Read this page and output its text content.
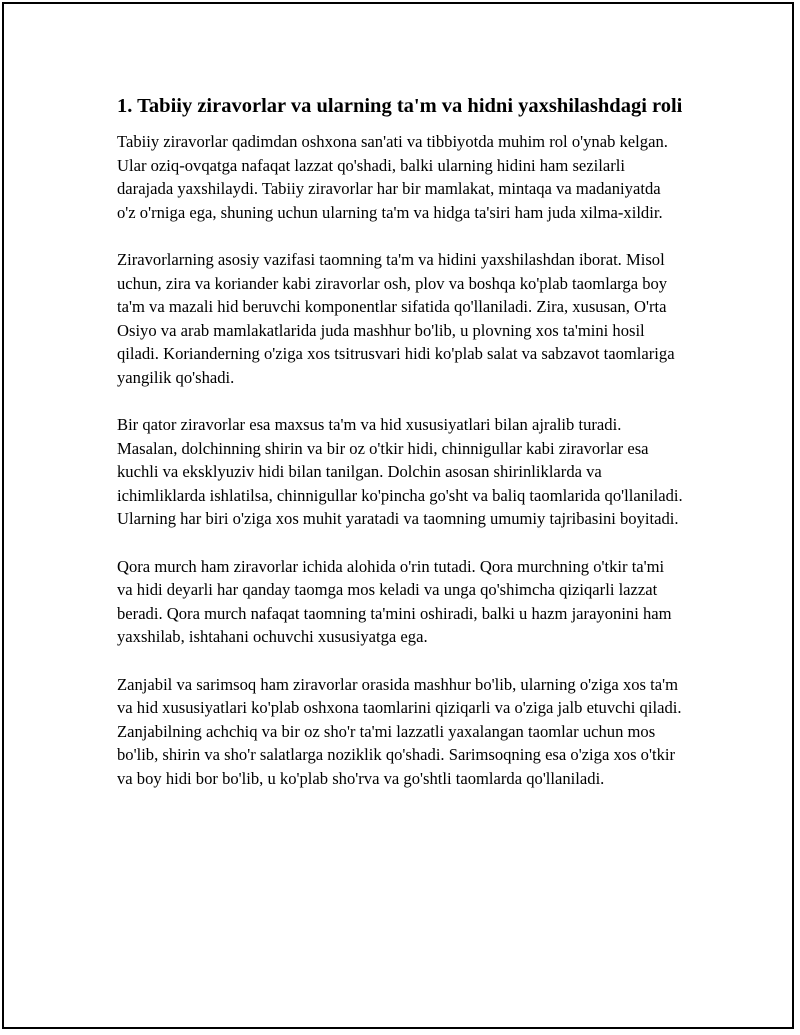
1. Tabiiy ziravorlar va ularning ta'm va hidni yaxshilashdagi roli

Tabiiy ziravorlar qadimdan oshxona san'ati va tibbiyotda muhim rol o'ynab kelgan. Ular oziq-ovqatga nafaqat lazzat qo'shadi, balki ularning hidini ham sezilarli darajada yaxshilaydi. Tabiiy ziravorlar har bir mamlakat, mintaqa va madaniyatda o'z o'rniga ega, shuning uchun ularning ta'm va hidga ta'siri ham juda xilma-xildir.

Ziravorlarning asosiy vazifasi taomning ta'm va hidini yaxshilashdan iborat. Misol uchun, zira va koriander kabi ziravorlar osh, plov va boshqa ko'plab taomlarga boy ta'm va mazali hid beruvchi komponentlar sifatida qo'llaniladi. Zira, xususan, O'rta Osiyo va arab mamlakatlarida juda mashhur bo'lib, u plovning xos ta'mini hosil qiladi. Korianderning o'ziga xos tsitrusvari hidi ko'plab salat va sabzavot taomlariga yangilik qo'shadi.

Bir qator ziravorlar esa maxsus ta'm va hid xususiyatlari bilan ajralib turadi. Masalan, dolchinning shirin va bir oz o'tkir hidi, chinnigullar kabi ziravorlar esa kuchli va eksklyuziv hidi bilan tanilgan. Dolchin asosan shirinliklarda va ichimliklarda ishlatilsa, chinnigullar ko'pincha go'sht va baliq taomlarida qo'llaniladi. Ularning har biri o'ziga xos muhit yaratadi va taomning umumiy tajribasini boyitadi.

Qora murch ham ziravorlar ichida alohida o'rin tutadi. Qora murchning o'tkir ta'mi va hidi deyarli har qanday taomga mos keladi va unga qo'shimcha qiziqarli lazzat beradi. Qora murch nafaqat taomning ta'mini oshiradi, balki u hazm jarayonini ham yaxshilab, ishtahani ochuvchi xususiyatga ega.

Zanjabil va sarimsoq ham ziravorlar orasida mashhur bo'lib, ularning o'ziga xos ta'm va hid xususiyatlari ko'plab oshxona taomlarini qiziqarli va o'ziga jalb etuvchi qiladi. Zanjabilning achchiq va bir oz sho'r ta'mi lazzatli yaxalangan taomlar uchun mos bo'lib, shirin va sho'r salatlarga noziklik qo'shadi. Sarimsoqning esa o'ziga xos o'tkir va boy hidi bor bo'lib, u ko'plab sho'rva va go'shtli taomlarda qo'llaniladi.
